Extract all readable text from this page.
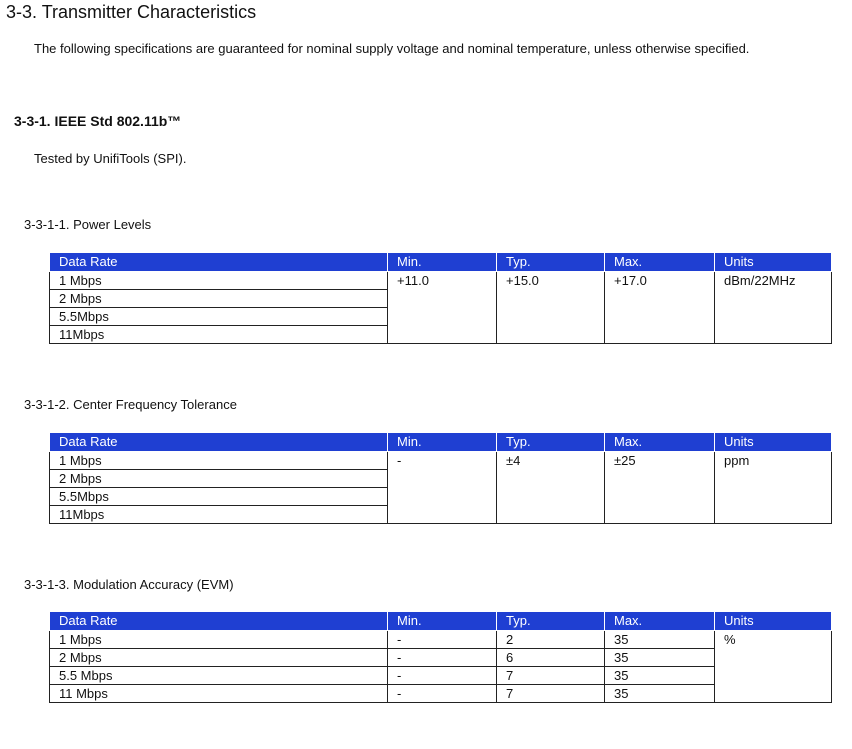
3-3. Transmitter Characteristics
The following specifications are guaranteed for nominal supply voltage and nominal temperature, unless otherwise specified.
3-3-1. IEEE Std 802.11b™
Tested by UnifiTools (SPI).
3-3-1-1. Power Levels
Data Rate	Min.	Typ.	Max.	Units
1 Mbps	+11.0	+15.0	+17.0	dBm/22MHz
2 Mbps				
5.5Mbps				
11Mbps				
3-3-1-2. Center Frequency Tolerance
Data Rate	Min.	Typ.	Max.	Units
1 Mbps	-	±4	±25	ppm
2 Mbps				
5.5Mbps				
11Mbps				
3-3-1-3. Modulation Accuracy (EVM)
Data Rate	Min.	Typ.	Max.	Units
1 Mbps	-	2	35	%
2 Mbps	-	6	35	
5.5 Mbps	-	7	35	
11 Mbps	-	7	35	
